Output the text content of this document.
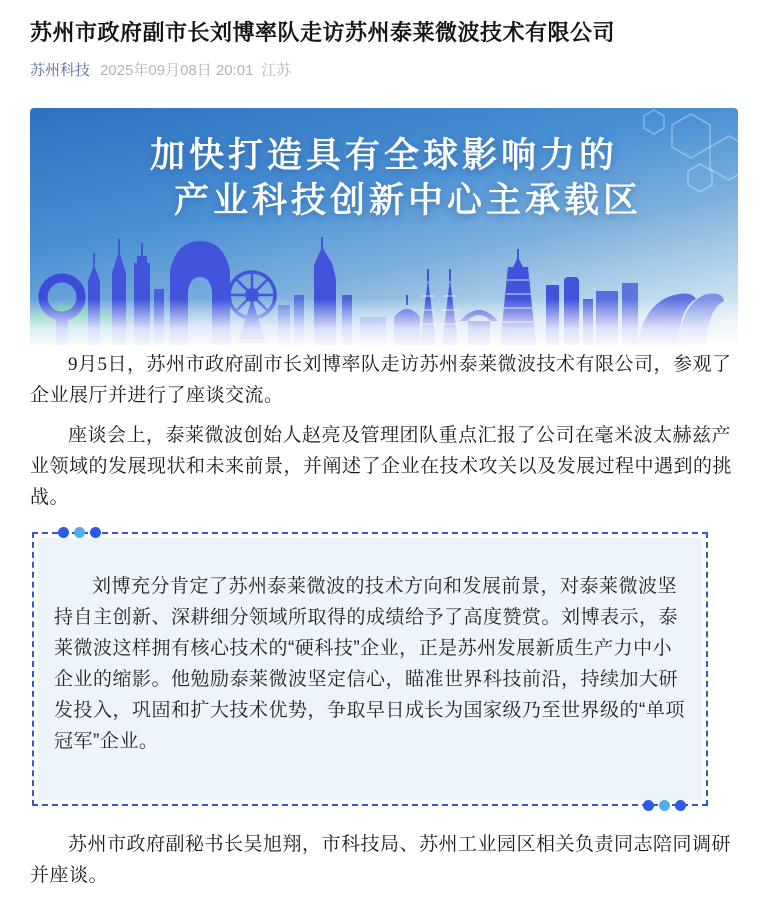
苏州市政府副市长刘博率队走访苏州泰莱微波技术有限公司
苏州科技 2025年09月08日 20:01 江苏
加快打造具有全球影响力的
产业科技创新中心主承载区

9月5日，苏州市政府副市长刘博率队走访苏州泰莱微波技术有限公司，参观了企业展厅并进行了座谈交流。

座谈会上，泰莱微波创始人赵亮及管理团队重点汇报了公司在毫米波太赫兹产业领域的发展现状和未来前景，并阐述了企业在技术攻关以及发展过程中遇到的挑战。

刘博充分肯定了苏州泰莱微波的技术方向和发展前景，对泰莱微波坚持自主创新、深耕细分领域所取得的成绩给予了高度赞赏。刘博表示，泰莱微波这样拥有核心技术的“硬科技”企业，正是苏州发展新质生产力中小企业的缩影。他勉励泰莱微波坚定信心，瞄准世界科技前沿，持续加大研发投入，巩固和扩大技术优势，争取早日成长为国家级乃至世界级的“单项冠军”企业。

苏州市政府副秘书长吴旭翔，市科技局、苏州工业园区相关负责同志陪同调研并座谈。
